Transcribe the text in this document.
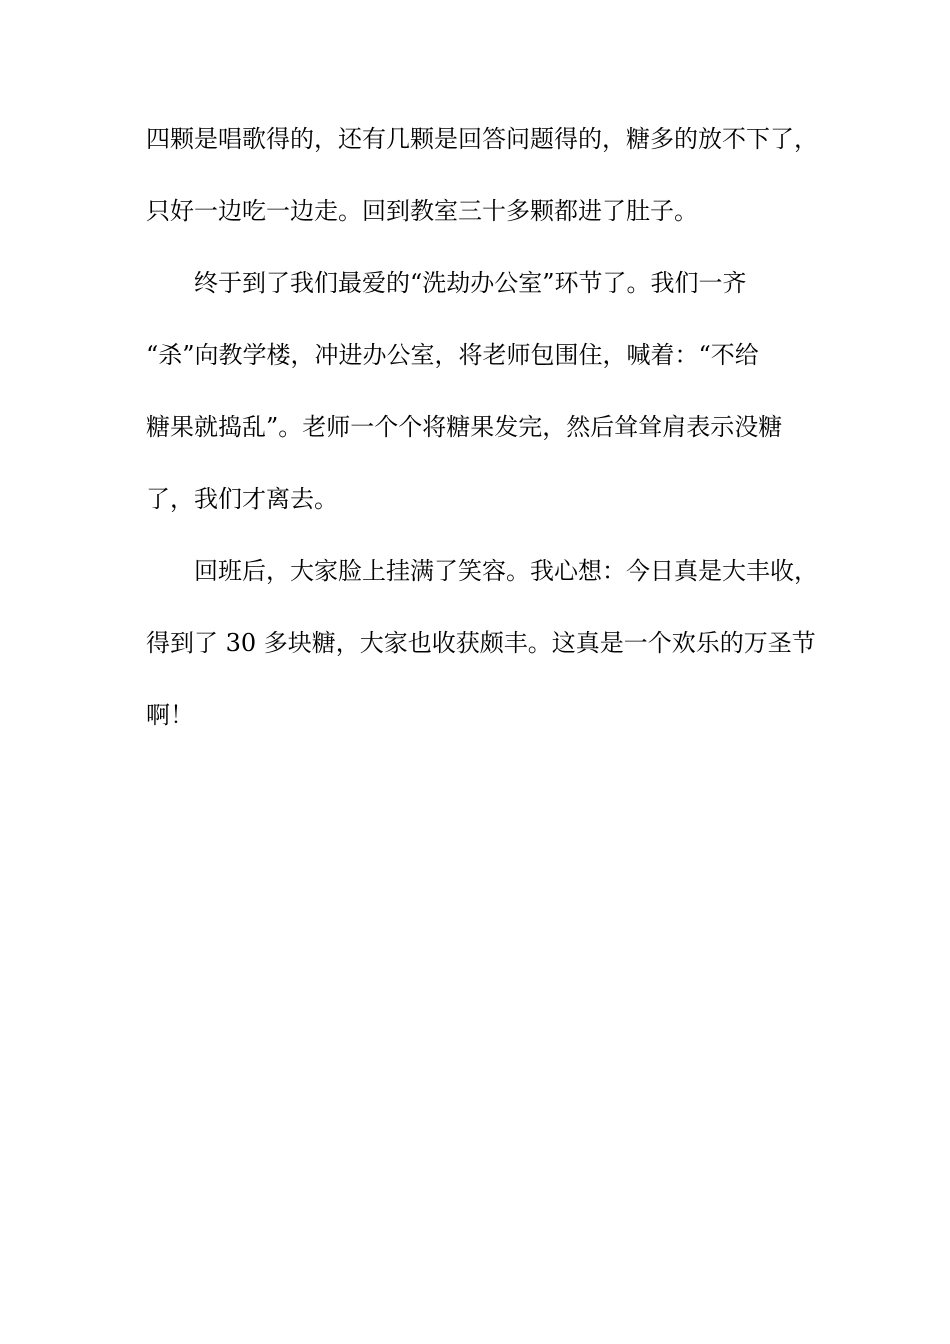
四颗是唱歌得的，还有几颗是回答问题得的，糖多的放不下了，
只好一边吃一边走。回到教室三十多颗都进了肚子。
终于到了我们最爱的“洗劫办公室”环节了。我们一齐
“杀”向教学楼，冲进办公室，将老师包围住，喊着：“不给
糖果就捣乱”。老师一个个将糖果发完，然后耸耸肩表示没糖
了，我们才离去。
回班后，大家脸上挂满了笑容。我心想：今日真是大丰收，
得到了 30 多块糖，大家也收获颇丰。这真是一个欢乐的万圣节
啊！
